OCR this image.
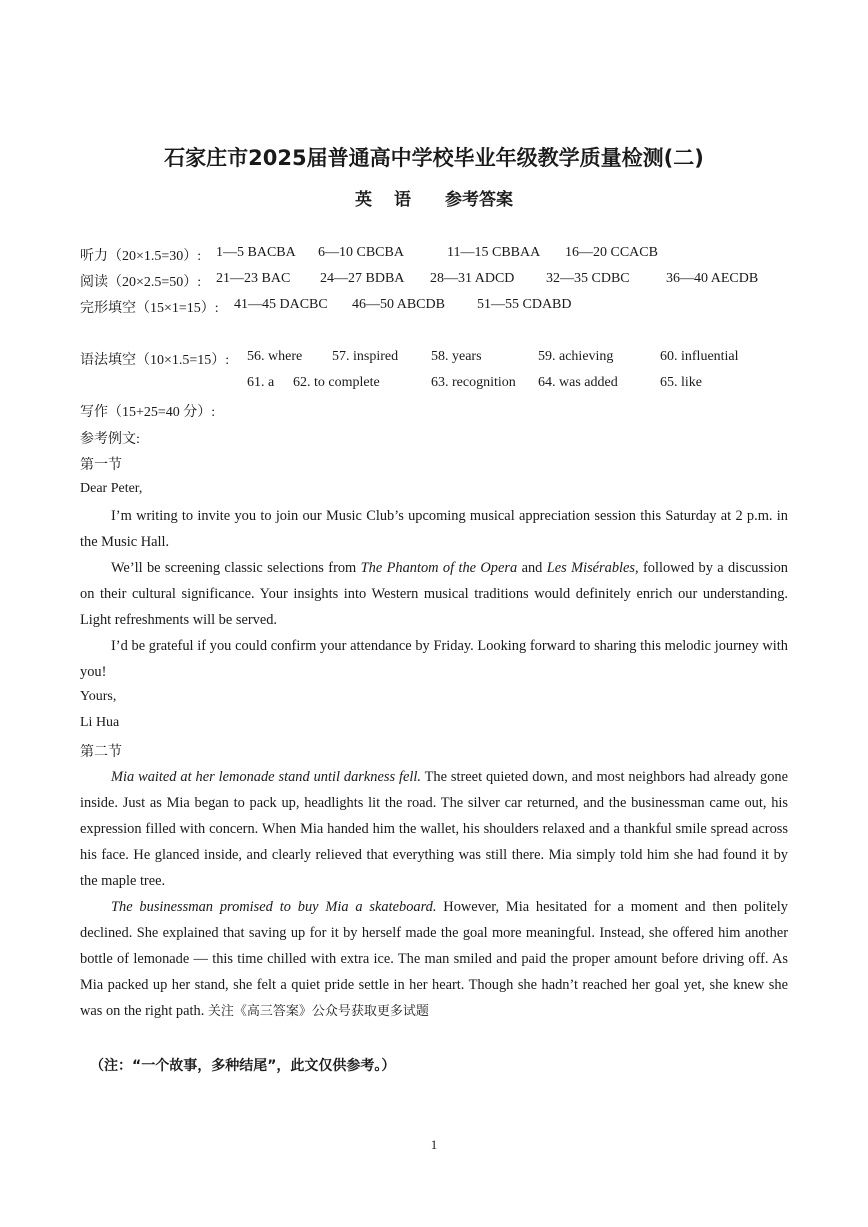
石家庄市2025届普通高中学校毕业年级教学质量检测(二)
英 语 参考答案
听力（20×1.5=30）: 1—5 BACBA 6—10 CBCBA	11—15 CBBAA 16—20 CCACB
阅读（20×2.5=50）: 21—23 BAC 24—27 BDBA 28—31 ADCD 32—35 CDBC	36—40 AECDB
完形填空（15×1=15）: 41—45 DACBC 46—50 ABCDB 51—55 CDABD
语法填空（10×1.5=15）: 56. where 57. inspired 58. years	59. achieving	60. influential
61. a 62. to complete	63. recognition 64. was added	65. like
写作（15+25=40 分）:
参考例文:
第一节
Dear Peter,
I’m writing to invite you to join our Music Club’s upcoming musical appreciation session this Saturday at 2 p.m. in the Music Hall.
We’ll be screening classic selections from The Phantom of the Opera and Les Misérables, followed by a discussion on their cultural significance. Your insights into Western musical traditions would definitely enrich our understanding. Light refreshments will be served.
I’d be grateful if you could confirm your attendance by Friday. Looking forward to sharing this melodic journey with you!
Yours,
Li Hua
第二节
Mia waited at her lemonade stand until darkness fell. The street quieted down, and most neighbors had already gone inside. Just as Mia began to pack up, headlights lit the road. The silver car returned, and the businessman came out, his expression filled with concern. When Mia handed him the wallet, his shoulders relaxed and a thankful smile spread across his face. He glanced inside, and clearly relieved that everything was still there. Mia simply told him she had found it by the maple tree.
The businessman promised to buy Mia a skateboard. However, Mia hesitated for a moment and then politely declined. She explained that saving up for it by herself made the goal more meaningful. Instead, she offered him another bottle of lemonade — this time chilled with extra ice. The man smiled and paid the proper amount before driving off. As Mia packed up her stand, she felt a quiet pride settle in her heart. Though she hadn’t reached her goal yet, she knew she was on the right path. 关注《高三答案》公众号获取更多试题
（注：“一个故事，多种结尾”，此文仅供参考。）
1
